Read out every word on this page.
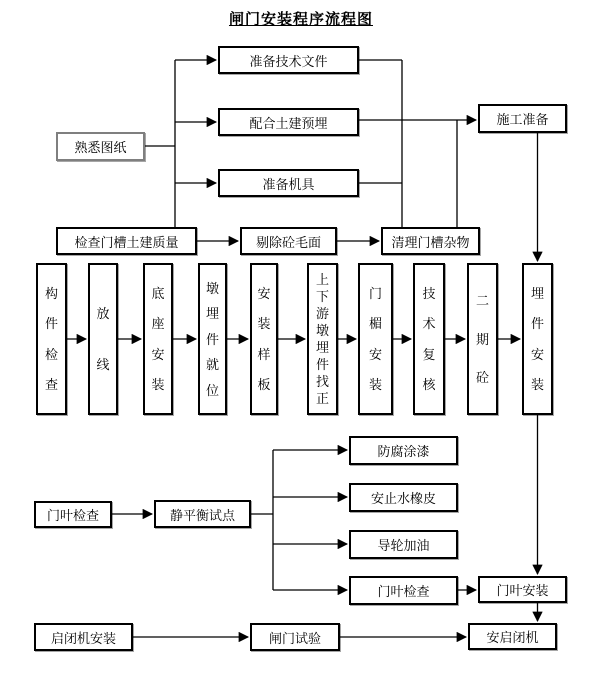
闸门安装程序流程图
熟悉图纸
准备技术文件
配合土建预埋
准备机具
施工准备
检查门槽土建质量	剔除砼毛面	清理门槽杂物
构
件
检
查
放
线
底
座
安
装
墩
埋
件
就
位
安
装
样
板
上
下
游
墩
埋
件
找
正
门
楣
安
装
技
术
复
核
二
期
砼
埋
件
安
装
门叶检查	静平衡试点
防腐涂漆
安止水橡皮
导轮加油
门叶检查	门叶安装
启闭机安装	闸门试验	安启闭机
